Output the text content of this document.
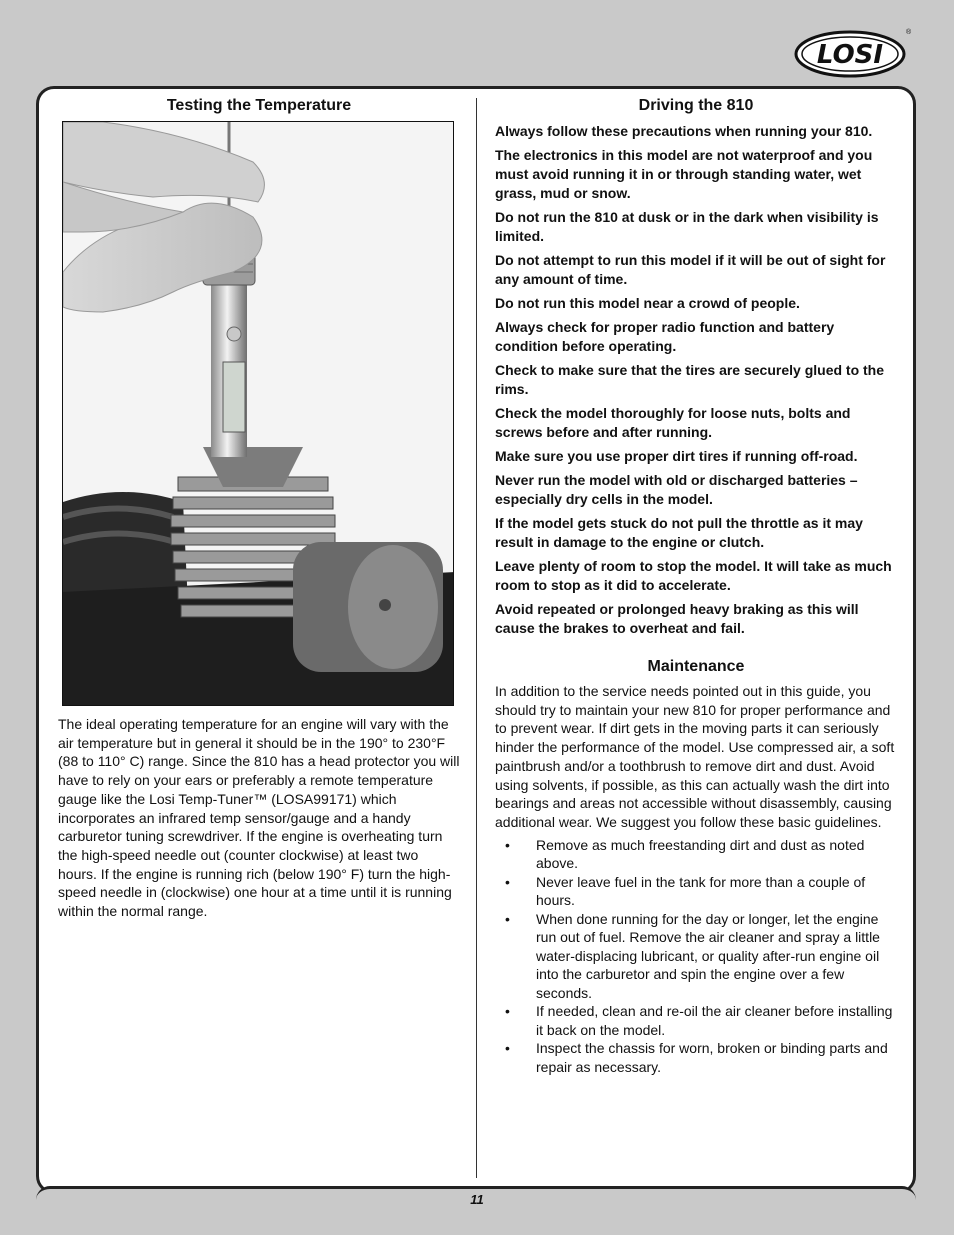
LOSI
®
Testing the Temperature

The ideal operating temperature for an engine will vary with the air temperature but in general it should be in the 190° to 230°F (88 to 110° C) range. Since the 810 has a head protector you will have to rely on your ears or preferably a remote temperature gauge like the Losi Temp-Tuner™ (LOSA99171) which incorporates an infrared temp sensor/gauge and a handy carburetor tuning screwdriver. If the engine is overheating turn the high-speed needle out (counter clockwise) at least two hours. If the engine is running rich (below 190° F) turn the high-speed needle in (clockwise) one hour at a time until it is running within the normal range.

Driving the 810

Always follow these precautions when running your 810.

The electronics in this model are not waterproof and you must avoid running it in or through standing water, wet grass, mud or snow.

Do not run the 810 at dusk or in the dark when visibility is limited.

Do not attempt to run this model if it will be out of sight for any amount of time.

Do not run this model near a crowd of people.

Always check for proper radio function and battery condition before operating.

Check to make sure that the tires are securely glued to the rims.

Check the model thoroughly for loose nuts, bolts and screws before and after running.

Make sure you use proper dirt tires if running off-road.

Never run the model with old or discharged batteries – especially dry cells in the model.

If the model gets stuck do not pull the throttle as it may result in damage to the engine or clutch.

Leave plenty of room to stop the model. It will take as much room to stop as it did to accelerate.

Avoid repeated or prolonged heavy braking as this will cause the brakes to overheat and fail.

Maintenance

In addition to the service needs pointed out in this guide, you should try to maintain your new 810 for proper performance and to prevent wear. If dirt gets in the moving parts it can seriously hinder the performance of the model. Use compressed air, a soft paintbrush and/or a toothbrush to remove dirt and dust. Avoid using solvents, if possible, as this can actually wash the dirt into bearings and areas not accessible without disassembly, causing additional wear. We suggest you follow these basic guidelines.

• Remove as much freestanding dirt and dust as noted above.
• Never leave fuel in the tank for more than a couple of hours.
• When done running for the day or longer, let the engine run out of fuel. Remove the air cleaner and spray a little water-displacing lubricant, or quality after-run engine oil into the carburetor and spin the engine over a few seconds.
• If needed, clean and re-oil the air cleaner before installing it back on the model.
• Inspect the chassis for worn, broken or binding parts and repair as necessary.
11
